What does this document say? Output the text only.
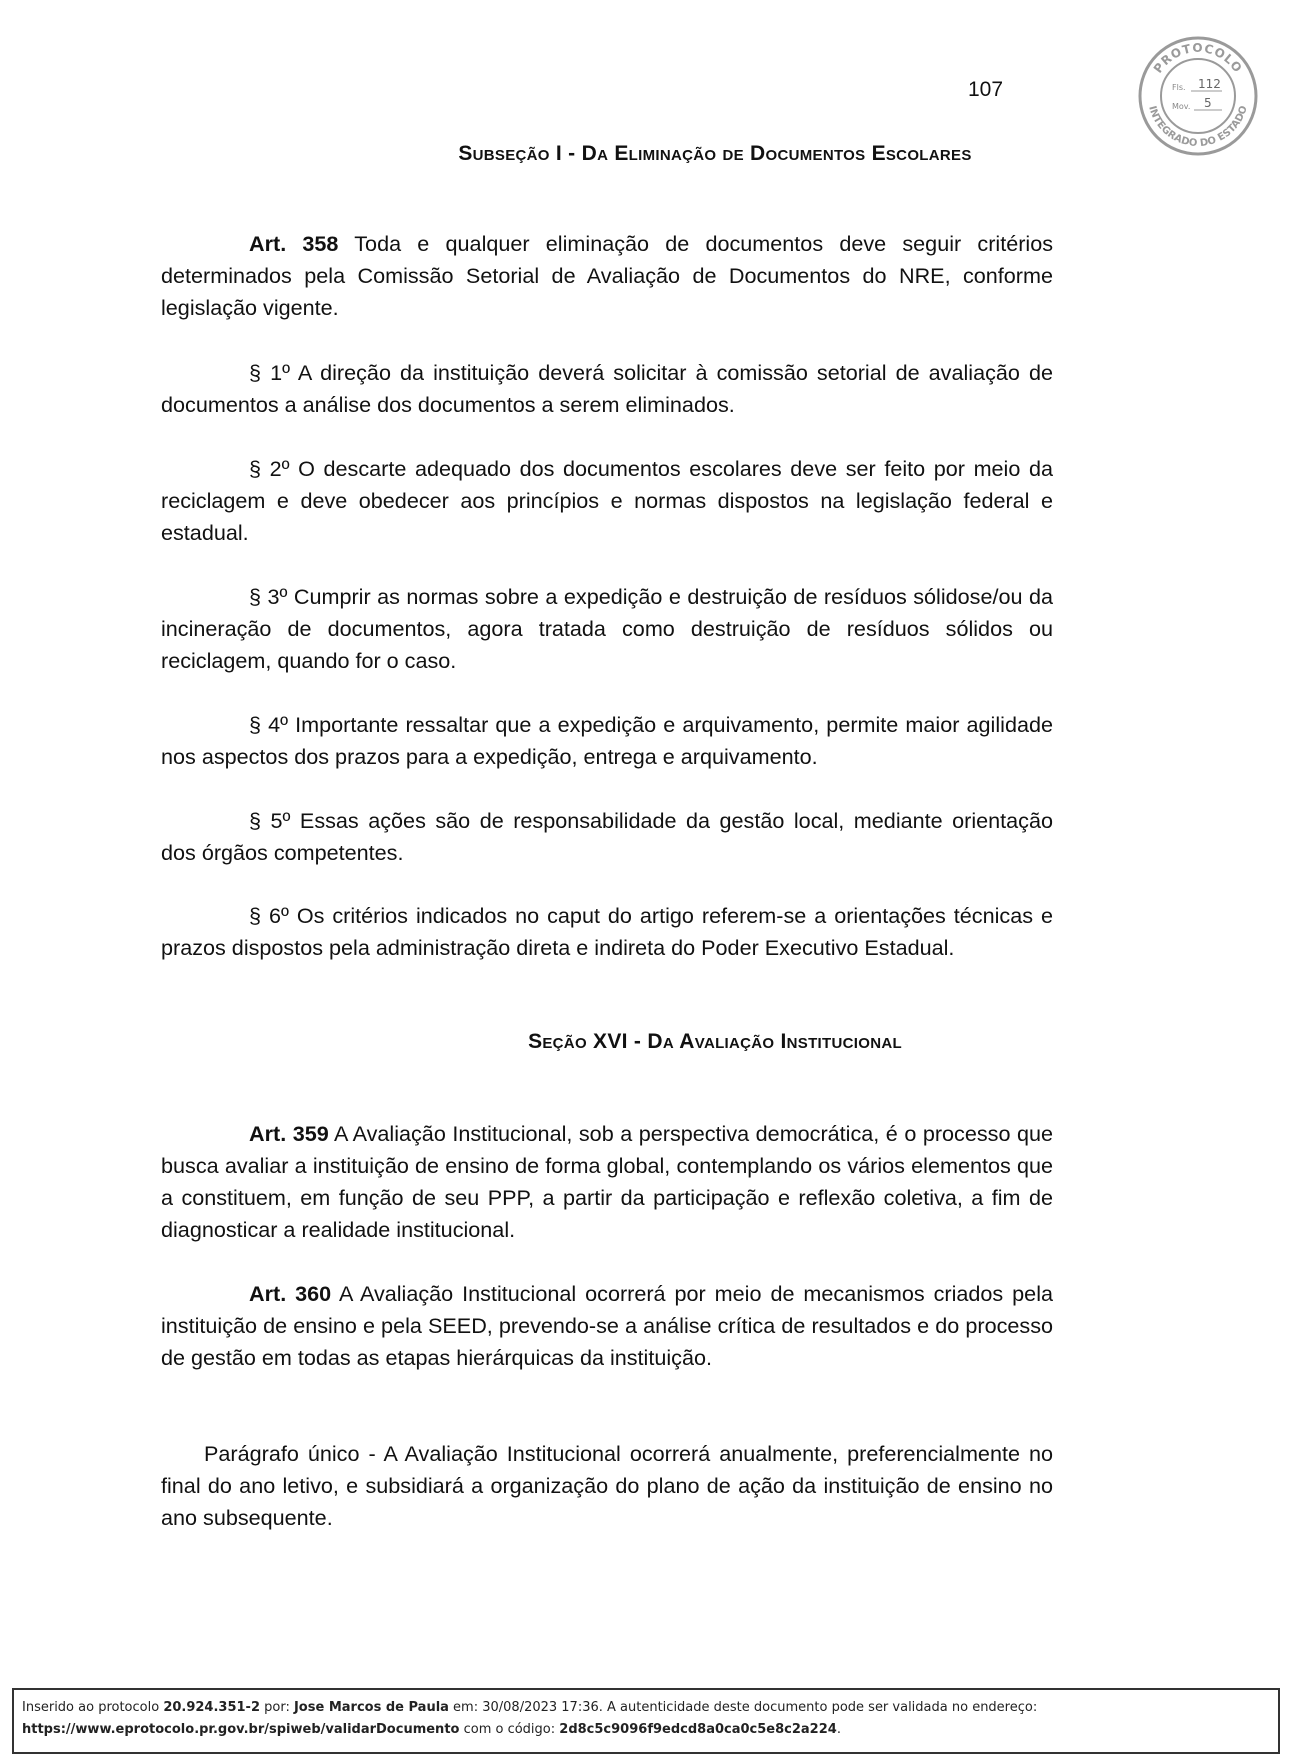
107
PROTOCOLO
INTEGRADO DO ESTADO
Fls. 112
Mov. 5
Subseção I - Da Eliminação de Documentos Escolares

Art. 358 Toda e qualquer eliminação de documentos deve seguir critérios determinados pela Comissão Setorial de Avaliação de Documentos do NRE, conforme legislação vigente.

§ 1º A direção da instituição deverá solicitar à comissão setorial de avaliação de documentos a análise dos documentos a serem eliminados.

§ 2º O descarte adequado dos documentos escolares deve ser feito por meio da reciclagem e deve obedecer aos princípios e normas dispostos na legislação federal e estadual.

§ 3º Cumprir as normas sobre a expedição e destruição de resíduos sólidose/ou da incineração de documentos, agora tratada como destruição de resíduos sólidos ou reciclagem, quando for o caso.

§ 4º Importante ressaltar que a expedição e arquivamento, permite maior agilidade nos aspectos dos prazos para a expedição, entrega e arquivamento.

§ 5º Essas ações são de responsabilidade da gestão local, mediante orientação dos órgãos competentes.

§ 6º Os critérios indicados no caput do artigo referem-se a orientações técnicas e prazos dispostos pela administração direta e indireta do Poder Executivo Estadual.

Seção XVI - Da Avaliação Institucional

Art. 359 A Avaliação Institucional, sob a perspectiva democrática, é o processo que busca avaliar a instituição de ensino de forma global, contemplando os vários elementos que a constituem, em função de seu PPP, a partir da participação e reflexão coletiva, a fim de diagnosticar a realidade institucional.

Art. 360 A Avaliação Institucional ocorrerá por meio de mecanismos criados pela instituição de ensino e pela SEED, prevendo-se a análise crítica de resultados e do processo de gestão em todas as etapas hierárquicas da instituição.

Parágrafo único - A Avaliação Institucional ocorrerá anualmente, preferencialmente no final do ano letivo, e subsidiará a organização do plano de ação da instituição de ensino no ano subsequente.

Inserido ao protocolo 20.924.351-2 por: Jose Marcos de Paula em: 30/08/2023 17:36. A autenticidade deste documento pode ser validada no endereço:
https://www.eprotocolo.pr.gov.br/spiweb/validarDocumento com o código: 2d8c5c9096f9edcd8a0ca0c5e8c2a224.
